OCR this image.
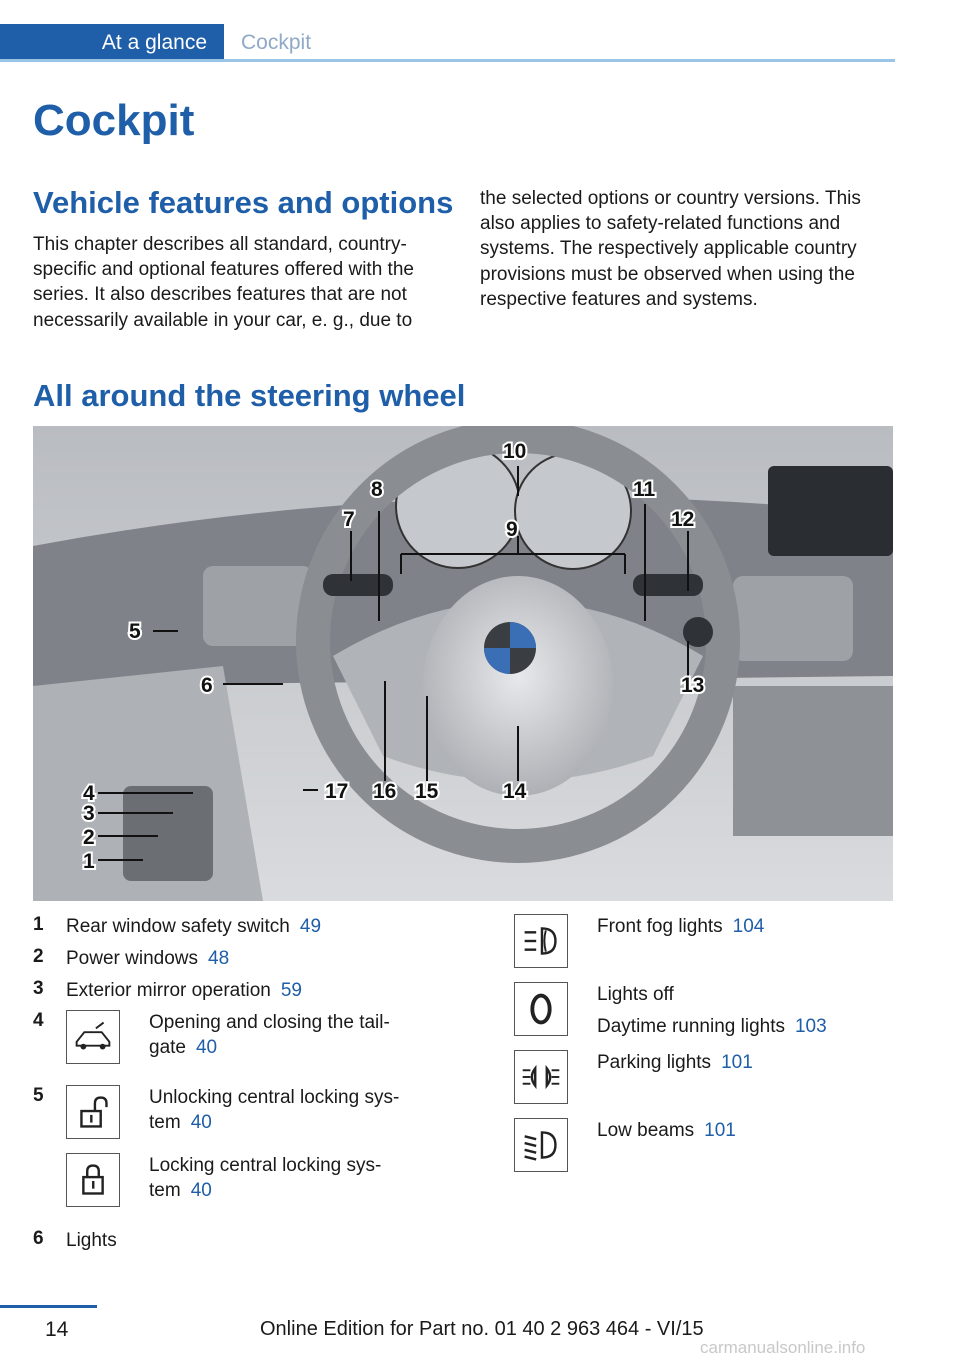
At a glance	Cockpit
Cockpit
Vehicle features and options
This chapter describes all standard, country-
specific and optional features offered with the
series. It also describes features that are not
necessarily available in your car, e. g., due to
the selected options or country versions. This
also applies to safety-related functions and
systems. The respectively applicable country
provisions must be observed when using the
respective features and systems.
All around the steering wheel
10
9
8
7
11
12
13
5
6
14
15
16
17
4
3
2
1
1 Rear window safety switch 49
2 Power windows 48
3 Exterior mirror operation 59
4	Opening and closing the tail-
gate 40
5	Unlocking central locking sys-
tem 40
Locking central locking sys-
tem 40
6 Lights
Front fog lights 104
Lights off
Daytime running lights 103
Parking lights 101
Low beams 101
14	Online Edition for Part no. 01 40 2 963 464 - VI/15
carmanualsonline.info
